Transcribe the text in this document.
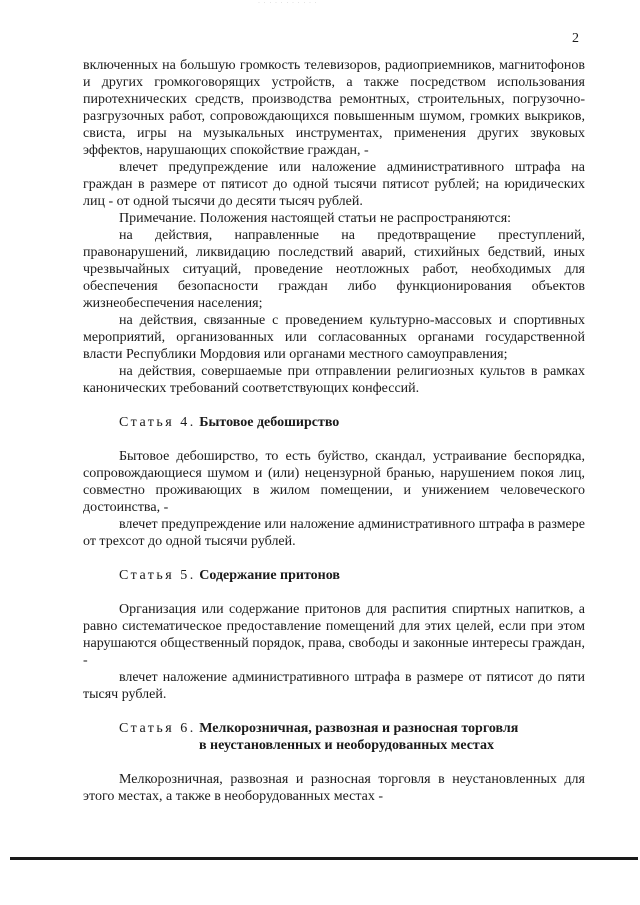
· · · · · · · · · · ·
2

включенных на большую громкость телевизоров, радиоприемников, магнитофонов и других громкоговорящих устройств, а также посредством использования пиротехнических средств, производства ремонтных, строительных, погрузочно-разгрузочных работ, сопровождающихся повышенным шумом, громких выкриков, свиста, игры на музыкальных инструментах, применения других звуковых эффектов, нарушающих спокойствие граждан, -

влечет предупреждение или наложение административного штрафа на граждан в размере от пятисот до одной тысячи пятисот рублей; на юридических лиц - от одной тысячи до десяти тысяч рублей.

Примечание. Положения настоящей статьи не распространяются:

на действия, направленные на предотвращение преступлений, правонарушений, ликвидацию последствий аварий, стихийных бедствий, иных чрезвычайных ситуаций, проведение неотложных работ, необходимых для обеспечения безопасности граждан либо функционирования объектов жизнеобеспечения населения;

на действия, связанные с проведением культурно-массовых и спортивных мероприятий, организованных или согласованных органами государственной власти Республики Мордовия или органами местного самоуправления;

на действия, совершаемые при отправлении религиозных культов в рамках канонических требований соответствующих конфессий.

Статья 4. Бытовое дебоширство

Бытовое дебоширство, то есть буйство, скандал, устраивание беспорядка, сопровождающиеся шумом и (или) нецензурной бранью, нарушением покоя лиц, совместно проживающих в жилом помещении, и унижением человеческого достоинства, -

влечет предупреждение или наложение административного штрафа в размере от трехсот до одной тысячи рублей.

Статья 5. Содержание притонов

Организация или содержание притонов для распития спиртных напитков, а равно систематическое предоставление помещений для этих целей, если при этом нарушаются общественный порядок, права, свободы и законные интересы граждан, -

влечет наложение административного штрафа в размере от пятисот до пяти тысяч рублей.

Статья 6. Мелкорозничная, развозная и разносная торговля

в неустановленных и необорудованных местах

Мелкорозничная, развозная и разносная торговля в неустановленных для этого местах, а также в необорудованных местах -
